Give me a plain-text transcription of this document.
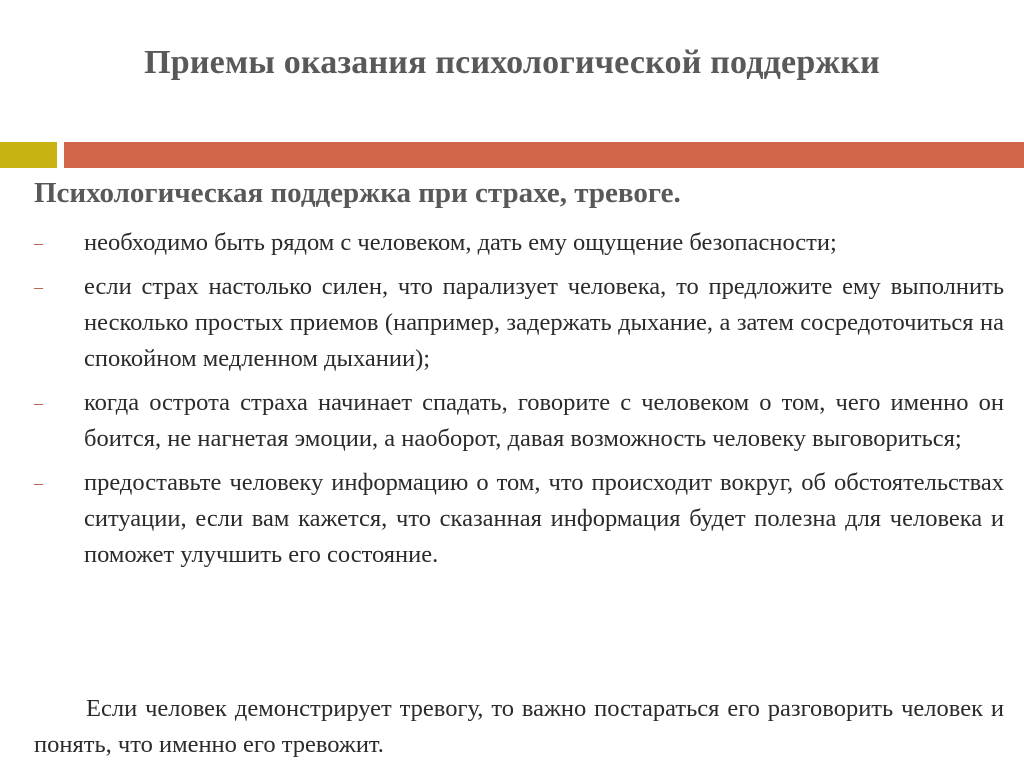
Приемы оказания психологической поддержки
Психологическая поддержка при страхе, тревоге.
– необходимо быть рядом с человеком, дать ему ощущение безопасности;
– если страх настолько силен, что парализует человека, то предложите ему выполнить несколько простых приемов (например, задержать дыхание, а затем сосредоточиться на спокойном медленном дыхании);
– когда острота страха начинает спадать, говорите с человеком о том, чего именно он боится, не нагнетая эмоции, а наоборот, давая возможность человеку выговориться;
– предоставьте человеку информацию о том, что происходит вокруг, об обстоятельствах ситуации, если вам кажется, что сказанная информация будет полезна для человека и поможет улучшить его состояние.

Если человек демонстрирует тревогу, то важно постараться его разговорить человек и понять, что именно его тревожит.
